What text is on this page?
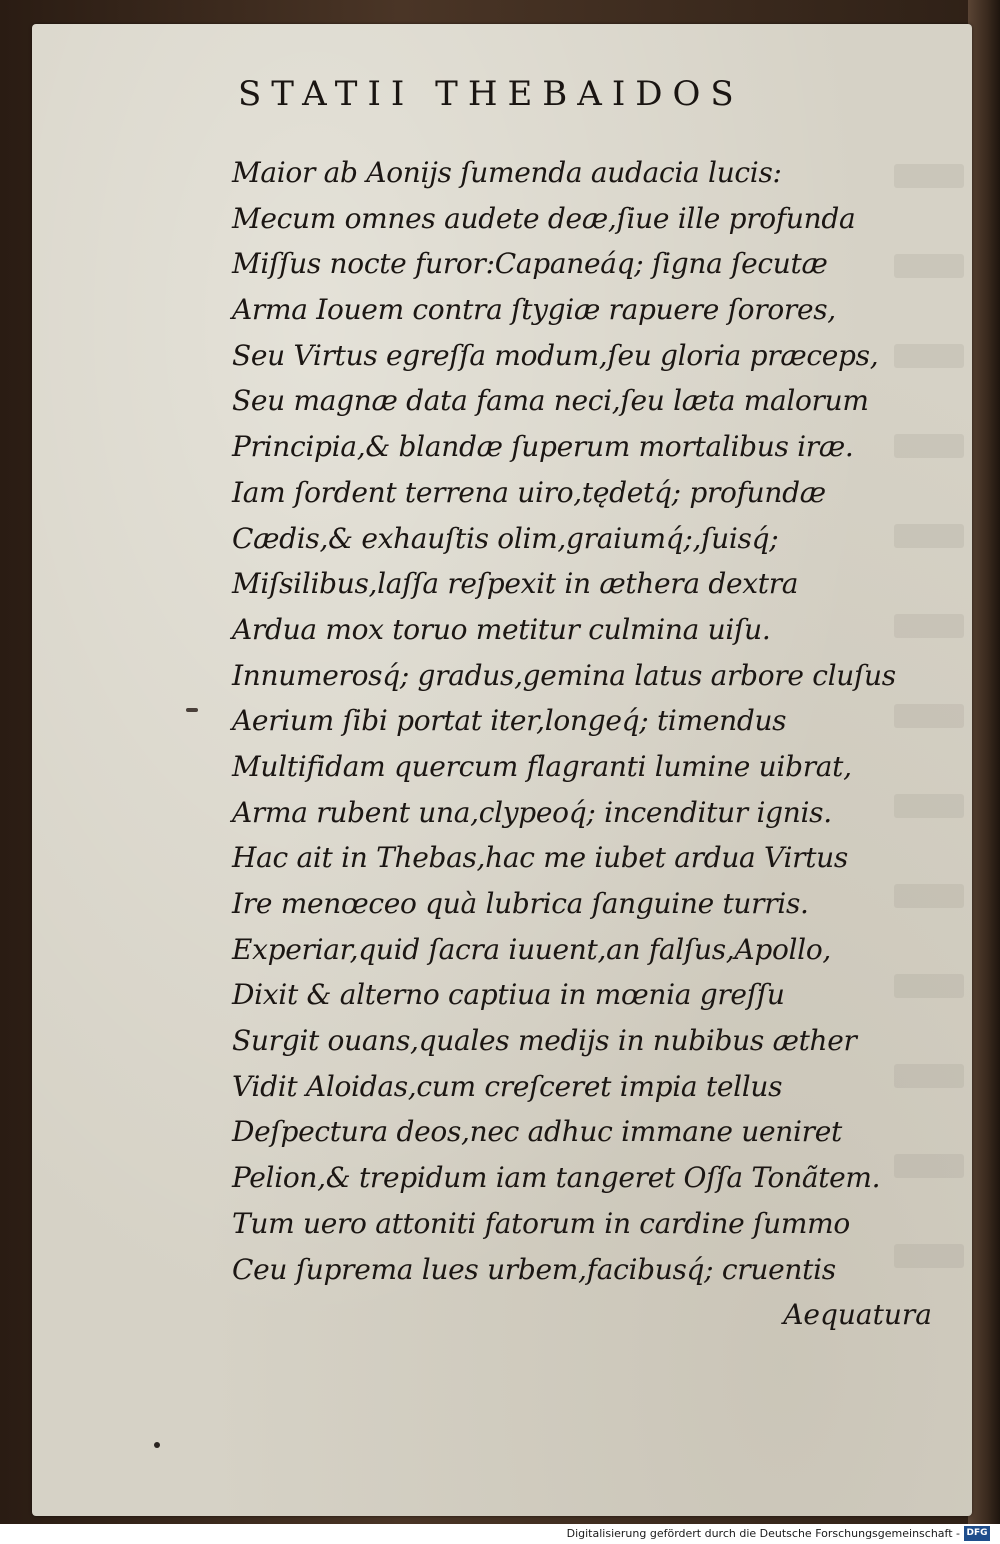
STATII THEBAIDOS
Maior ab Aonijs ſumenda audacia lucis:
Mecum omnes audete deæ,ſiue ille profunda
Miſſus nocte furor:Capaneáq; ſigna ſecutæ
Arma Iouem contra ſtygiæ rapuere ſorores,
Seu Virtus egreſſa modum,ſeu gloria præceps,
Seu magnæ data fama neci,ſeu læta malorum
Principia,& blandæ ſuperum mortalibus iræ.
Iam ſordent terrena uiro,tędetq́; profundæ
Cædis,& exhauſtis olim,graiumq́;,ſuisq́;
Miſsilibus,laſſa reſpexit in æthera dextra
Ardua mox toruo metitur culmina uiſu.
Innumerosq́; gradus,gemina latus arbore cluſus
Aerium ſibi portat iter,longeq́; timendus
Multifidam quercum flagranti lumine uibrat,
Arma rubent una,clypeoq́; incenditur ignis.
Hac ait in Thebas,hac me iubet ardua Virtus
Ire menœceo quà lubrica ſanguine turris.
Experiar,quid ſacra iuuent,an falſus,Apollo,
Dixit & alterno captiua in mœnia greſſu
Surgit ouans,quales medijs in nubibus æther
Vidit Aloidas,cum creſceret impia tellus
Deſpectura deos,nec adhuc immane ueniret
Pelion,& trepidum iam tangeret Oſſa Tonãtem.
Tum uero attoniti fatorum in cardine ſummo
Ceu ſuprema lues urbem,facibusq́; cruentis
Aequatura
Digitalisierung gefördert durch die Deutsche Forschungsgemeinschaft - DFG
